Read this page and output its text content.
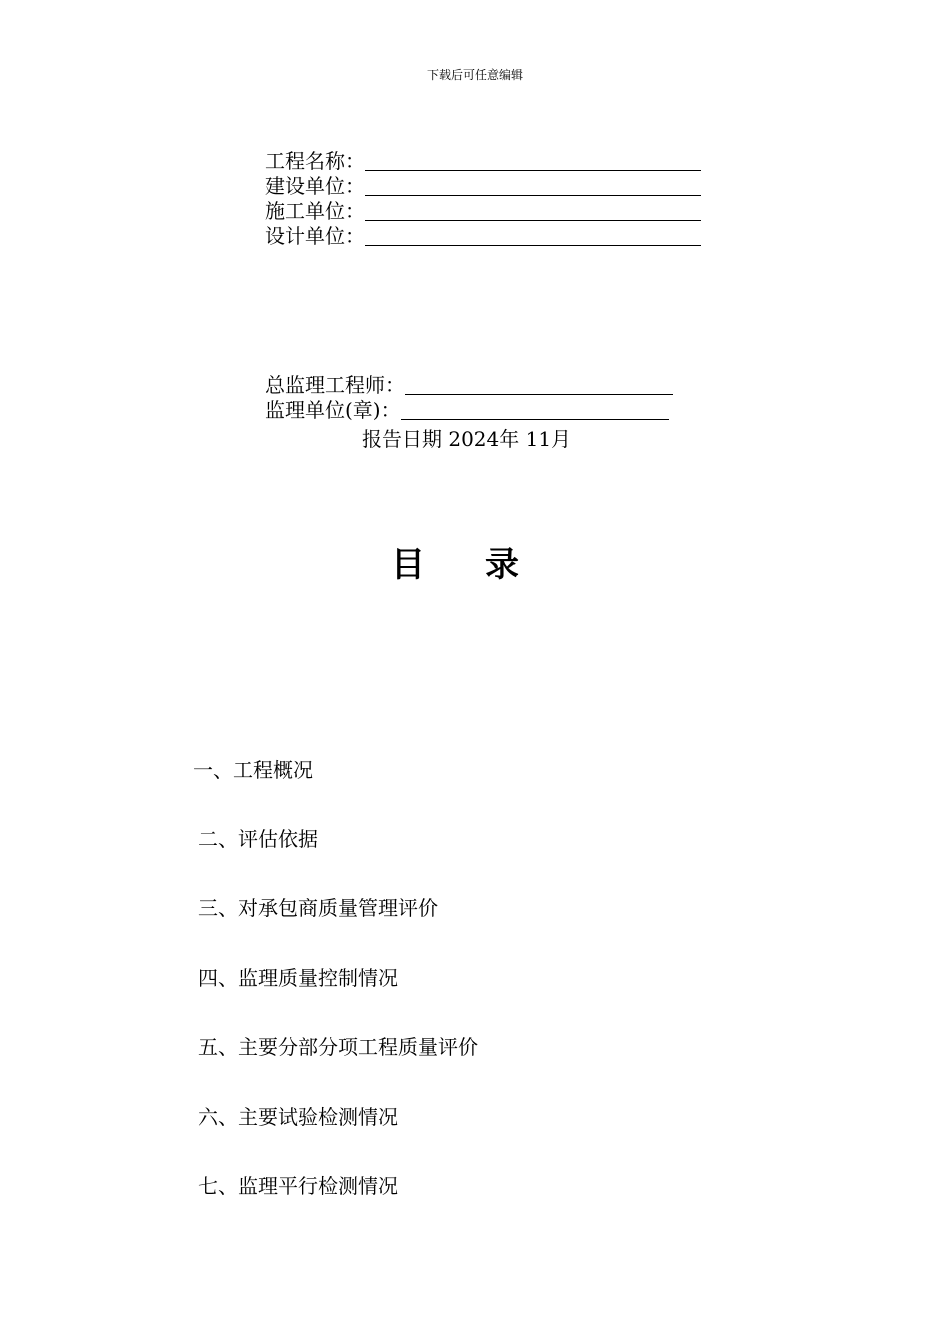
下载后可任意编辑
工程名称：
建设单位：
施工单位：
设计单位：
总监理工程师：
监理单位(章)：
报告日期 2024年 11月
目录
一、工程概况
二、评估依据
三、对承包商质量管理评价
四、监理质量控制情况
五、主要分部分项工程质量评价
六、主要试验检测情况
七、监理平行检测情况
